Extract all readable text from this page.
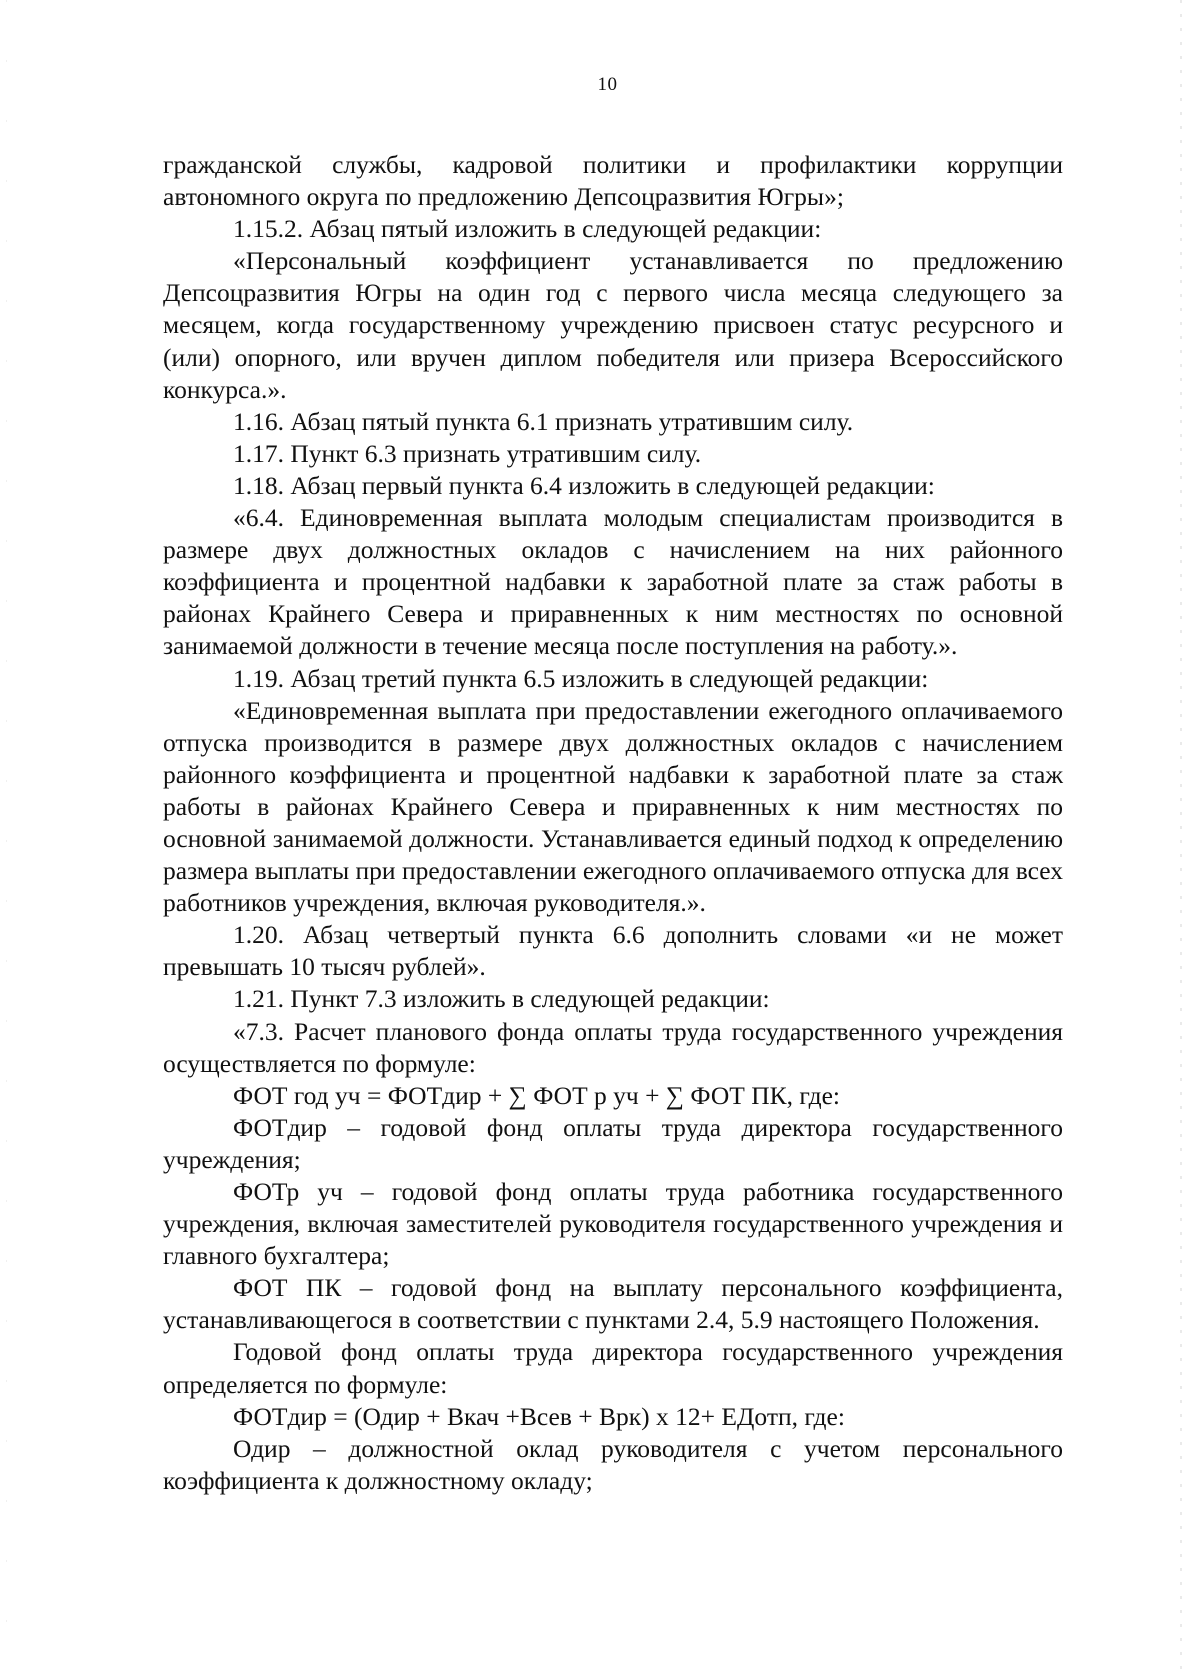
10

гражданской службы, кадровой политики и профилактики коррупции автономного округа по предложению Депсоцразвития Югры»;

1.15.2. Абзац пятый изложить в следующей редакции:

«Персональный коэффициент устанавливается по предложению Депсоцразвития Югры на один год с первого числа месяца следующего за месяцем, когда государственному учреждению присвоен статус ресурсного и (или) опорного, или вручен диплом победителя или призера Всероссийского конкурса.».

1.16. Абзац пятый пункта 6.1 признать утратившим силу.

1.17. Пункт 6.3 признать утратившим силу.

1.18. Абзац первый пункта 6.4 изложить в следующей редакции:

«6.4. Единовременная выплата молодым специалистам производится в размере двух должностных окладов с начислением на них районного коэффициента и процентной надбавки к заработной плате за стаж работы в районах Крайнего Севера и приравненных к ним местностях по основной занимаемой должности в течение месяца после поступления на работу.».

1.19. Абзац третий пункта 6.5 изложить в следующей редакции:

«Единовременная выплата при предоставлении ежегодного оплачиваемого отпуска производится в размере двух должностных окладов с начислением районного коэффициента и процентной надбавки к заработной плате за стаж работы в районах Крайнего Севера и приравненных к ним местностях по основной занимаемой должности. Устанавливается единый подход к определению размера выплаты при предоставлении ежегодного оплачиваемого отпуска для всех работников учреждения, включая руководителя.».

1.20. Абзац четвертый пункта 6.6 дополнить словами «и не может превышать 10 тысяч рублей».

1.21. Пункт 7.3 изложить в следующей редакции:

«7.3. Расчет планового фонда оплаты труда государственного учреждения осуществляется по формуле:

ФОТ год уч = ФОТдир + ∑ ФОТ р уч + ∑ ФОТ ПК, где:

ФОТдир – годовой фонд оплаты труда директора государственного учреждения;

ФОТр уч – годовой фонд оплаты труда работника государственного учреждения, включая заместителей руководителя государственного учреждения и главного бухгалтера;

ФОТ ПК – годовой фонд на выплату персонального коэффициента, устанавливающегося в соответствии с пунктами 2.4, 5.9 настоящего Положения.

Годовой фонд оплаты труда директора государственного учреждения определяется по формуле:

ФОТдир = (Одир + Вкач +Всев + Врк) х 12+ ЕДотп, где:

Одир – должностной оклад руководителя с учетом персонального коэффициента к должностному окладу;
